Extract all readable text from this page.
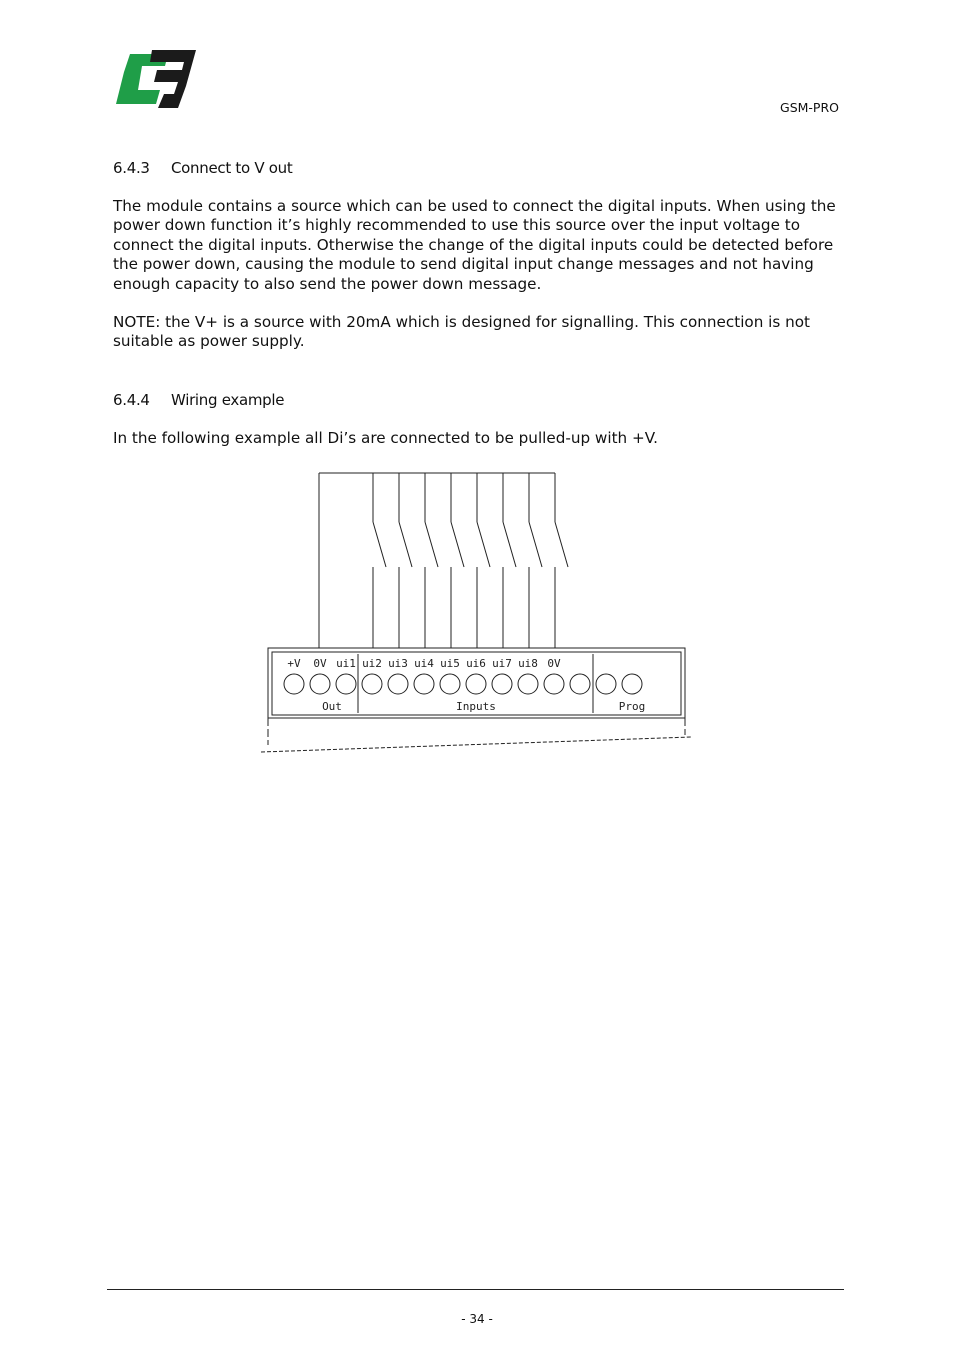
GSM-PRO
6.4.3 Connect to V out

The module contains a source which can be used to connect the digital inputs. When using the power down function it’s highly recommended to use this source over the input voltage to connect the digital inputs. Otherwise the change of the digital inputs could be detected before the power down, causing the module to send digital input change messages and not having enough capacity to also send the power down message.

NOTE: the V+ is a source with 20mA which is designed for signalling. This connection is not suitable as power supply.

6.4.4 Wiring example

In the following example all Di’s are connected to be pulled-up with +V.

+V 0V ui1 ui2 ui3 ui4 ui5 ui6 ui7 ui8 0V
Out	Inputs	Prog
- 34 -
